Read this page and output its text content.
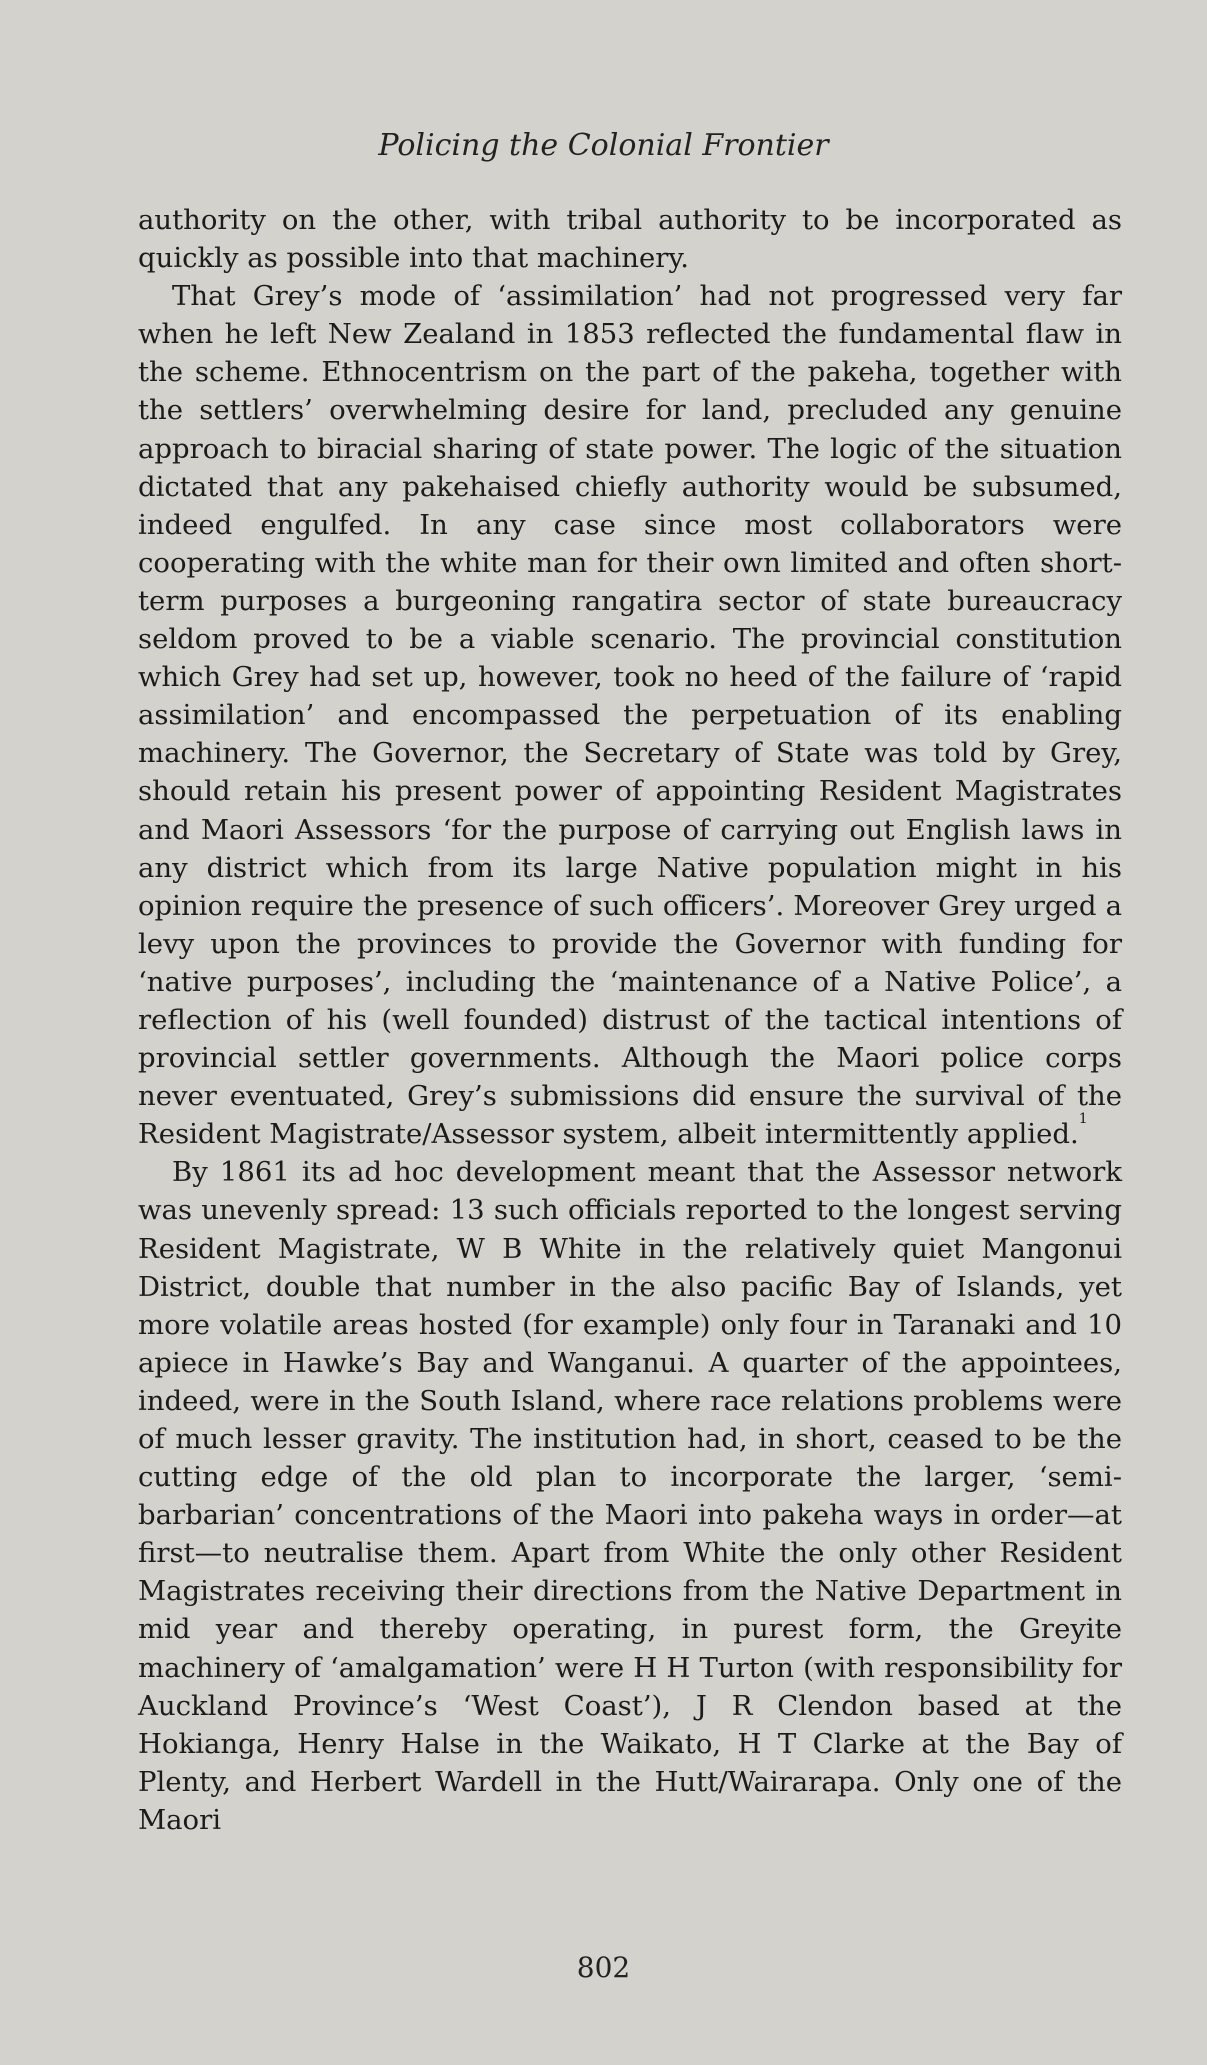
Policing the Colonial Frontier

authority on the other, with tribal authority to be incorporated as quickly as possible into that machinery.

That Grey’s mode of ‘assimilation’ had not progressed very far when he left New Zealand in 1853 reflected the fundamental flaw in the scheme. Ethnocentrism on the part of the pakeha, together with the settlers’ overwhelming desire for land, precluded any genuine approach to biracial sharing of state power. The logic of the situation dictated that any pakehaised chiefly authority would be subsumed, indeed engulfed. In any case since most collaborators were cooperating with the white man for their own limited and often short-term purposes a burgeoning rangatira sector of state bureaucracy seldom proved to be a viable scenario. The provincial constitution which Grey had set up, however, took no heed of the failure of ‘rapid assimilation’ and encompassed the perpetuation of its enabling machinery. The Governor, the Secretary of State was told by Grey, should retain his present power of appointing Resident Magistrates and Maori Assessors ‘for the purpose of carrying out English laws in any district which from its large Native population might in his opinion require the presence of such officers’. Moreover Grey urged a levy upon the provinces to provide the Governor with funding for ‘native purposes’, including the ‘maintenance of a Native Police’, a reflection of his (well founded) distrust of the tactical intentions of provincial settler governments. Although the Maori police corps never eventuated, Grey’s submissions did ensure the survival of the Resident Magistrate/Assessor system, albeit intermittently applied.$^1$

By 1861 its ad hoc development meant that the Assessor network was unevenly spread: 13 such officials reported to the longest serving Resident Magistrate, W B White in the relatively quiet Mangonui District, double that number in the also pacific Bay of Islands, yet more volatile areas hosted (for example) only four in Taranaki and 10 apiece in Hawke’s Bay and Wanganui. A quarter of the appointees, indeed, were in the South Island, where race relations problems were of much lesser gravity. The institution had, in short, ceased to be the cutting edge of the old plan to incorporate the larger, ‘semi-barbarian’ concentrations of the Maori into pakeha ways in order—at first—to neutralise them. Apart from White the only other Resident Magistrates receiving their directions from the Native Department in mid year and thereby operating, in purest form, the Greyite machinery of ‘amalgamation’ were H H Turton (with responsibility for Auckland Province’s ‘West Coast’), J R Clendon based at the Hokianga, Henry Halse in the Waikato, H T Clarke at the Bay of Plenty, and Herbert Wardell in the Hutt/Wairarapa. Only one of the Maori

802
